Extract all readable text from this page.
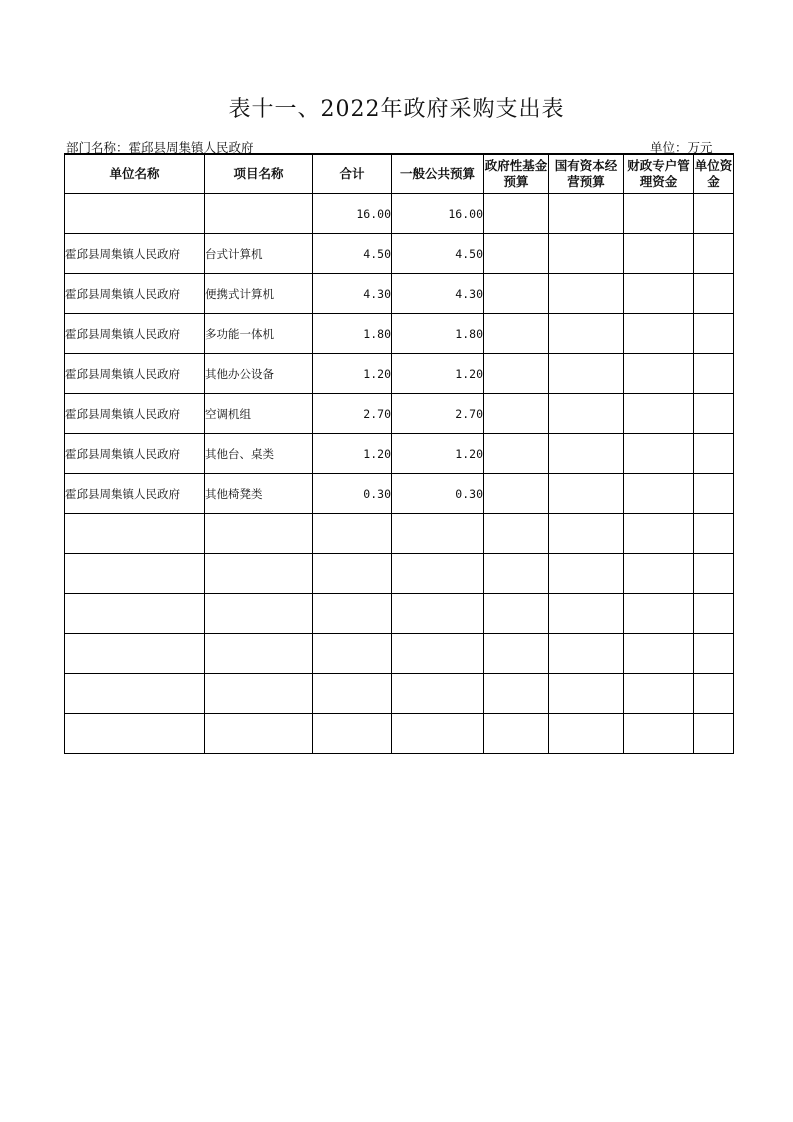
表十一、2022年政府采购支出表
部门名称：霍邱县周集镇人民政府	单位：万元
单位名称	项目名称	合计	一般公共预算	政府性基金预算	国有资本经营预算	财政专户管理资金	单位资金
		16.00	16.00				
霍邱县周集镇人民政府	台式计算机	4.50	4.50				
霍邱县周集镇人民政府	便携式计算机	4.30	4.30				
霍邱县周集镇人民政府	多功能一体机	1.80	1.80				
霍邱县周集镇人民政府	其他办公设备	1.20	1.20				
霍邱县周集镇人民政府	空调机组	2.70	2.70				
霍邱县周集镇人民政府	其他台、桌类	1.20	1.20				
霍邱县周集镇人民政府	其他椅凳类	0.30	0.30				
